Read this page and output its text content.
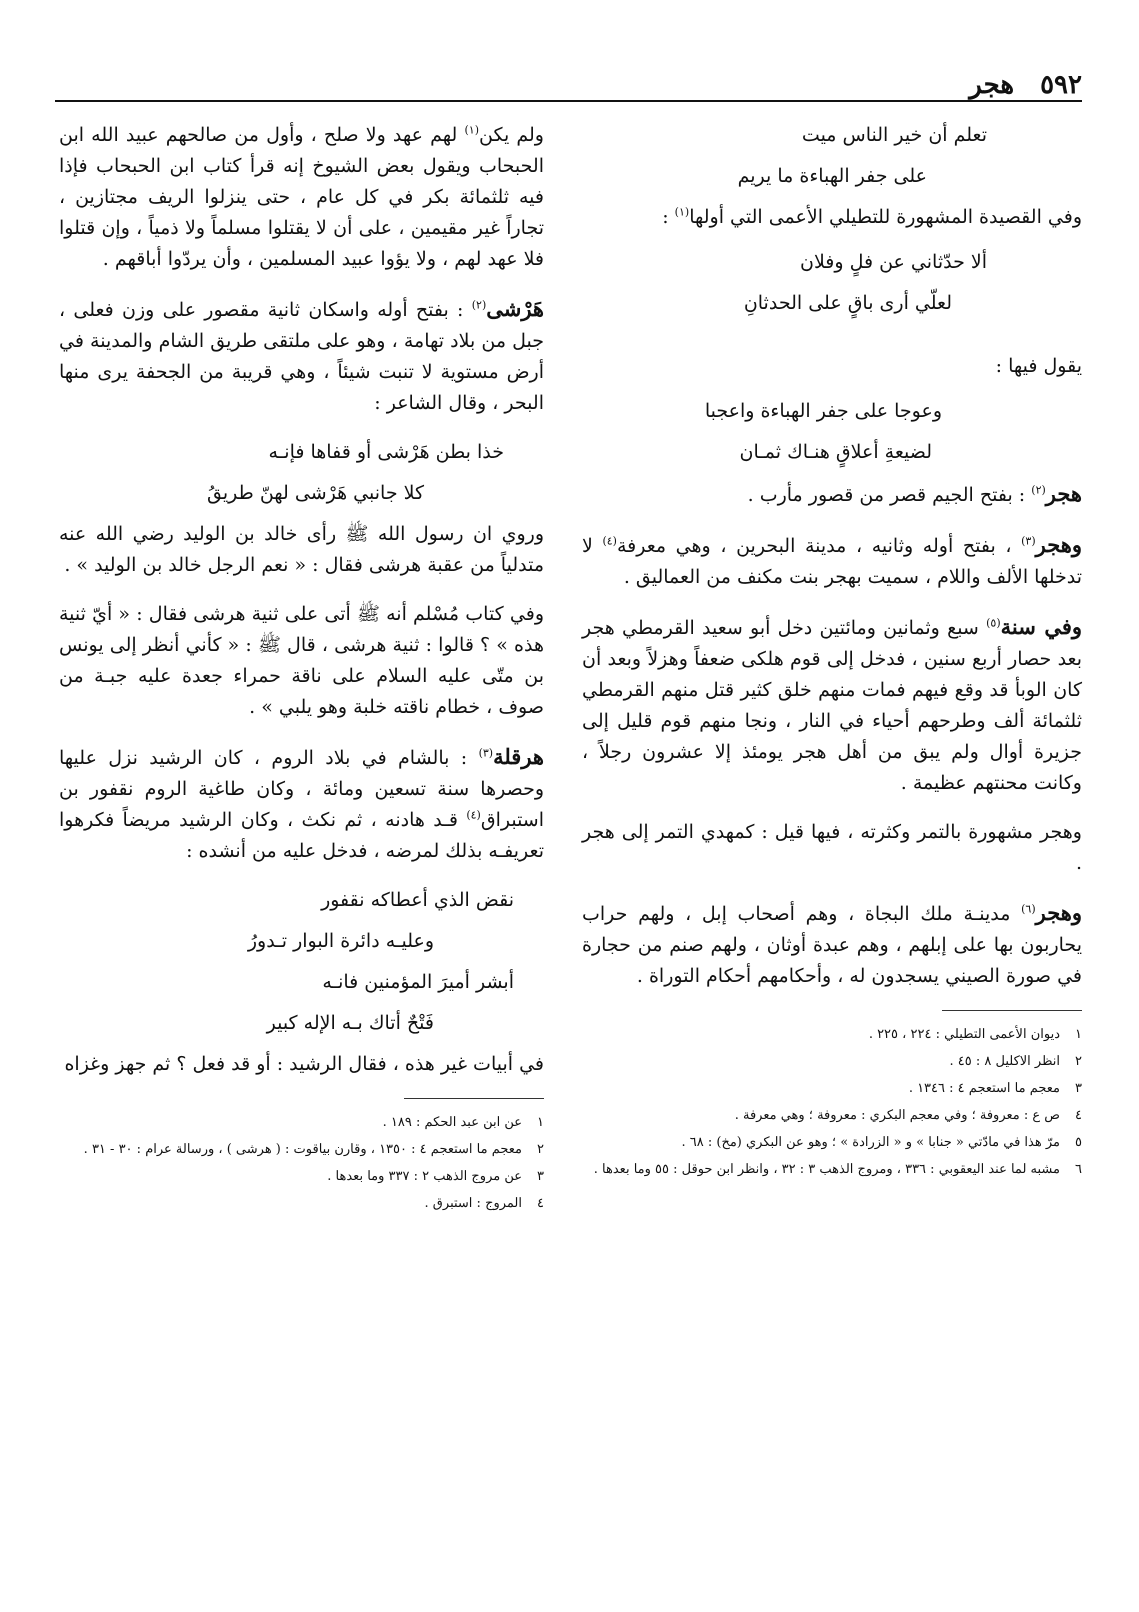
٥٩٢
هجر
تعلم أن خير الناس ميت
على جفر الهباءة ما يريم

وفي القصيدة المشهورة للتطيلي الأعمى التي أولها$^{(١)}$ :

ألا حدّثاني عن فلٍ وفلان
لعلّي أرى باقٍ على الحدثانِ

يقول فيها :

وعوجا على جفر الهباءة واعجبا
لضيعةِ أعلاقٍ هنـاك ثمـان

هجر$^{(٢)}$ : بفتح الجيم قصر من قصور مأرب .

وهجر$^{(٣)}$ ، بفتح أوله وثانيه ، مدينة البحرين ، وهي معرفة$^{(٤)}$ لا تدخلها الألف واللام ، سميت بهجر بنت مكنف من العماليق .

وفي سنة$^{(٥)}$ سبع وثمانين ومائتين دخل أبو سعيد القرمطي هجر بعد حصار أربع سنين ، فدخل إلى قوم هلكى ضعفاً وهزلاً وبعد أن كان الوبأ قد وقع فيهم فمات منهم خلق كثير قتل منهم القرمطي ثلثمائة ألف وطرحهم أحياء في النار ، ونجا منهم قوم قليل إلى جزيرة أوال ولم يبق من أهل هجر يومئذ إلا عشرون رجلاً ، وكانت محنتهم عظيمة .

وهجر مشهورة بالتمر وكثرته ، فيها قيل : كمهدي التمر إلى هجر .

وهجر$^{(٦)}$ مدينـة ملك البجاة ، وهم أصحاب إبل ، ولهم حراب يحاربون بها على إبلهم ، وهم عبدة أوثان ، ولهم صنم من حجارة في صورة الصيني يسجدون له ، وأحكامهم أحكام التوراة .

١ديوان الأعمى التطيلي : ٢٢٤ ، ٢٢٥ .
٢انظر الاكليل ٨ : ٤٥ .
٣معجم ما استعجم ٤ : ١٣٤٦ .
٤ص ع : معروفة ؛ وفي معجم البكري : معروفة ؛ وهي معرفة .
٥مرّ هذا في مادّتي « جنابا » و « الزرادة » ؛ وهو عن البكري (مخ) : ٦٨ .
٦مشبه لما عند اليعقوبي : ٣٣٦ ، ومروج الذهب ٣ : ٣٢ ، وانظر ابن حوقل : ٥٥ وما بعدها .

ولم يكن$^{(١)}$ لهم عهد ولا صلح ، وأول من صالحهم عبيد الله ابن الحبحاب ويقول بعض الشيوخ إنه قرأ كتاب ابن الحبحاب فإذا فيه ثلثمائة بكر في كل عام ، حتى ينزلوا الريف مجتازين ، تجاراً غير مقيمين ، على أن لا يقتلوا مسلماً ولا ذمياً ، وإن قتلوا فلا عهد لهم ، ولا يؤوا عبيد المسلمين ، وأن يردّوا أباقهم .

هَرْشى$^{(٢)}$ : بفتح أوله واسكان ثانية مقصور على وزن فعلى ، جبل من بلاد تهامة ، وهو على ملتقى طريق الشام والمدينة في أرض مستوية لا تنبت شيئاً ، وهي قريبة من الجحفة يرى منها البحر ، وقال الشاعر :

خذا بطن هَرْشى أو قفاها فإنـه
كلا جانبي هَرْشى لهنّ طريقُ

وروي ان رسول الله ﷺ رأى خالد بن الوليد رضي الله عنه متدلياً من عقبة هرشى فقال : « نعم الرجل خالد بن الوليد » .

وفي كتاب مُسْلم أنه ﷺ أتى على ثنية هرشى فقال : « أيّ ثنية هذه » ؟ قالوا : ثنية هرشى ، قال ﷺ : « كأني أنظر إلى يونس بن متّى عليه السلام على ناقة حمراء جعدة عليه جبـة من صوف ، خطام ناقته خلبة وهو يلبي » .

هرقلة$^{(٣)}$ : بالشام في بلاد الروم ، كان الرشيد نزل عليها وحصرها سنة تسعين ومائة ، وكان طاغية الروم نقفور بن استبراق$^{(٤)}$ قـد هادنه ، ثم نكث ، وكان الرشيد مريضاً فكرهوا تعريفـه بذلك لمرضه ، فدخل عليه من أنشده :

نقض الذي أعطاكه نقفور
وعليـه دائرة البوار تـدورُ
أبشر أميرَ المؤمنين فانـه
فَتْحٌ أتاك بـه الإله كبير

في أبيات غير هذه ، فقال الرشيد : أو قد فعل ؟ ثم جهز وغزاه

١عن ابن عبد الحكم : ١٨٩ .
٢معجم ما استعجم ٤ : ١٣٥٠ ، وقارن بياقوت : ( هرشى ) ، ورسالة عرام : ٣٠ - ٣١ .
٣عن مروج الذهب ٢ : ٣٣٧ وما بعدها .
٤المروج : استبرق .
